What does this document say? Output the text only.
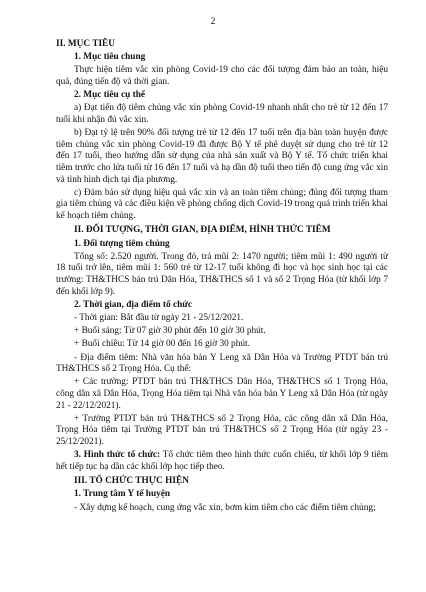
2

II. MỤC TIÊU

1. Mục tiêu chung

Thực hiện tiêm vắc xin phòng Covid-19 cho các đối tượng đảm bảo an toàn, hiệu quả, đúng tiến độ và thời gian.

2. Mục tiêu cụ thể

a) Đạt tiến độ tiêm chủng vắc xin phòng Covid-19 nhanh nhất cho trẻ từ 12 đến 17 tuổi khi nhận đủ vắc xin.

b) Đạt tỷ lệ trên 90% đối tượng trẻ từ 12 đến 17 tuổi trên địa bàn toàn huyện được tiêm chủng vắc xin phòng Covid-19 đã được Bộ Y tế phê duyệt sử dụng cho trẻ từ 12 đến 17 tuổi, theo hướng dẫn sử dụng của nhà sản xuất và Bộ Y tế. Tổ chức triển khai tiêm trước cho lứa tuổi từ 16 đến 17 tuổi và hạ dần độ tuổi theo tiến độ cung ứng vắc xin và tình hình dịch tại địa phương.

c) Đảm bảo sử dụng hiệu quả vắc xin và an toàn tiêm chủng; đúng đối tượng tham gia tiêm chủng và các điều kiện về phòng chống dịch Covid-19 trong quá trình triển khai kế hoạch tiêm chủng.

II. ĐỐI TƯỢNG, THỜI GIAN, ĐỊA ĐIỂM, HÌNH THỨC TIÊM

1. Đối tượng tiêm chủng

Tổng số: 2.520 người. Trong đó, trả mũi 2: 1470 người; tiêm mũi 1: 490 người từ 18 tuổi trở lên, tiêm mũi 1: 560 trẻ từ 12-17 tuổi không đi học và học sinh học tại các trường: TH&THCS bán trú Dân Hóa, TH&THCS số 1 và số 2 Trọng Hóa (từ khối lớp 7 đến khối lớp 9).

2. Thời gian, địa điểm tổ chức

- Thời gian: Bắt đầu từ ngày 21 - 25/12/2021.

+ Buổi sáng: Từ 07 giờ 30 phút đến 10 giờ 30 phút.

+ Buổi chiều: Từ 14 giờ 00 đến 16 giờ 30 phút.

- Địa điểm tiêm: Nhà văn hóa bản Y Leng xã Dân Hóa và Trường PTDT bán trú TH&THCS số 2 Trọng Hóa. Cụ thể:

+ Các trường: PTDT bán trú TH&THCS Dân Hóa, TH&THCS số 1 Trọng Hóa, công dân xã Dân Hóa, Trọng Hóa tiêm tại Nhà văn hóa bản Y Leng xã Dân Hóa (từ ngày 21 - 22/12/2021).

+ Trường PTDT bán trú TH&THCS số 2 Trọng Hóa, các công dân xã Dân Hóa, Trọng Hóa tiêm tại Trường PTDT bán trú TH&THCS số 2 Trọng Hóa (từ ngày 23 - 25/12/2021).

3. Hình thức tổ chức: Tổ chức tiêm theo hình thức cuốn chiếu, từ khối lớp 9 tiêm hết tiếp tục hạ dần các khối lớp học tiếp theo.

III. TỔ CHỨC THỰC HIỆN

1. Trung tâm Y tế huyện

- Xây dựng kế hoạch, cung ứng vắc xin, bơm kim tiêm cho các điểm tiêm chủng;
